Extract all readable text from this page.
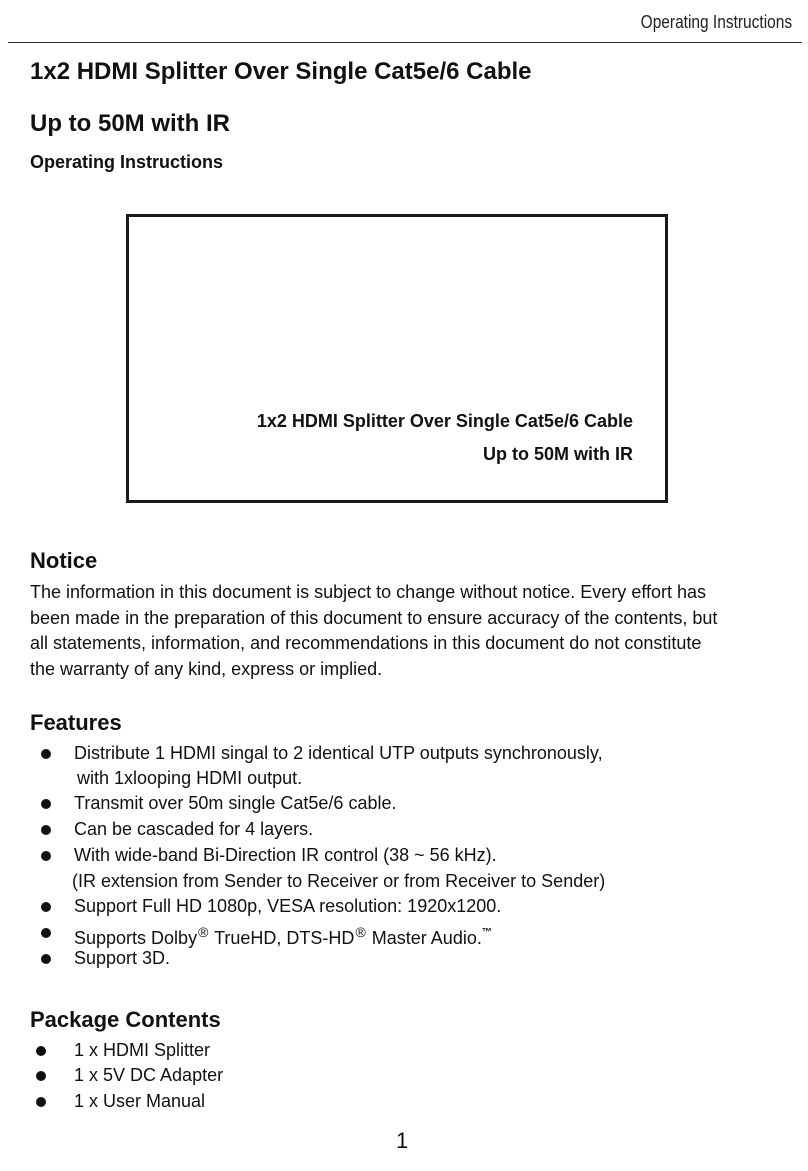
Operating Instructions
1x2 HDMI Splitter Over Single Cat5e/6 Cable
Up to 50M with IR
Operating Instructions
1x2 HDMI Splitter Over Single Cat5e/6 Cable
Up to 50M with IR
Notice
The information in this document is subject to change without notice. Every effort has
been made in the preparation of this document to ensure accuracy of the contents, but
all statements, information, and recommendations in this document do not constitute
the warranty of any kind, express or implied.
Features
Distribute 1 HDMI singal to 2 identical UTP outputs synchronously,
with 1xlooping HDMI output.
Transmit over 50m single Cat5e/6 cable.
Can be cascaded for 4 layers.
With wide-band Bi-Direction IR control (38 ~ 56 kHz).
(IR extension from Sender to Receiver or from Receiver to Sender)
Support Full HD 1080p, VESA resolution: 1920x1200.
Supports Dolby® TrueHD, DTS-HD® Master Audio.™
Support 3D.
Package Contents
1 x HDMI Splitter
1 x 5V DC Adapter
1 x User Manual
1
